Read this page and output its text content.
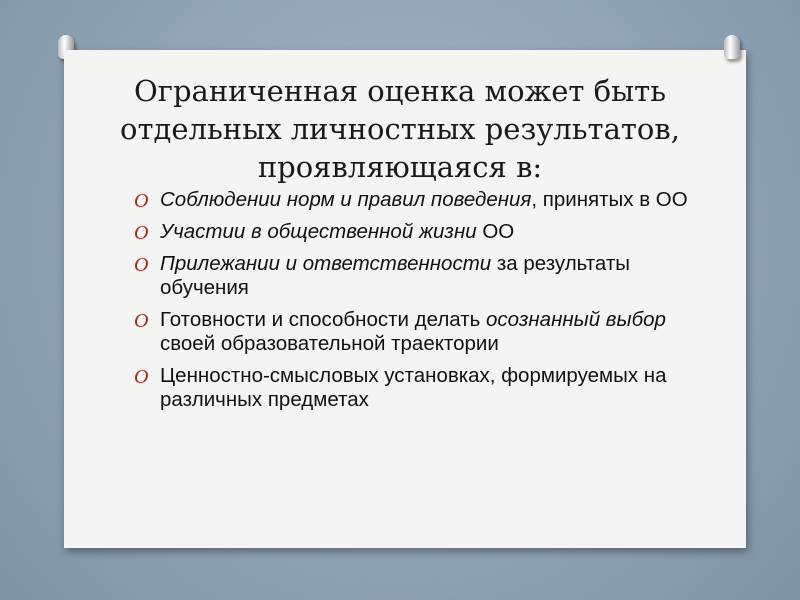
Ограниченная оценка может быть
отдельных личностных результатов,
проявляющаяся в:
O Соблюдении норм и правил поведения, принятых в ОО
O Участии в общественной жизни ОО
O Прилежании и ответственности за результаты обучения
O Готовности и способности делать осознанный выбор своей образовательной траектории
O Ценностно-смысловых установках, формируемых на различных предметах
